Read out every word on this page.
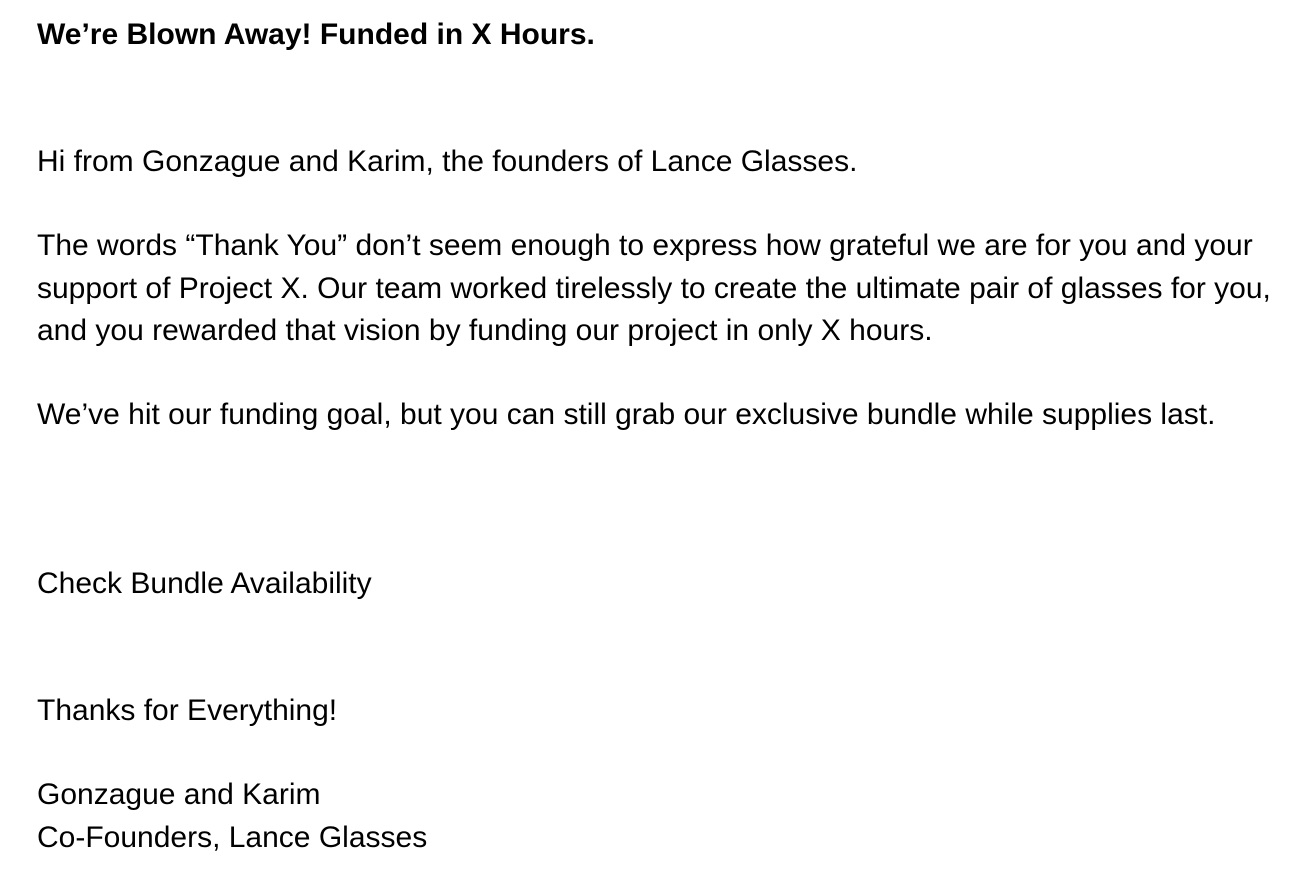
We’re Blown Away! Funded in X Hours.

Hi from Gonzague and Karim, the founders of Lance Glasses.

The words “Thank You” don’t seem enough to express how grateful we are for you and your support of Project X. Our team worked tirelessly to create the ultimate pair of glasses for you, and you rewarded that vision by funding our project in only X hours.

We’ve hit our funding goal, but you can still grab our exclusive bundle while supplies last.

Check Bundle Availability

Thanks for Everything!

Gonzague and Karim
Co-Founders, Lance Glasses
